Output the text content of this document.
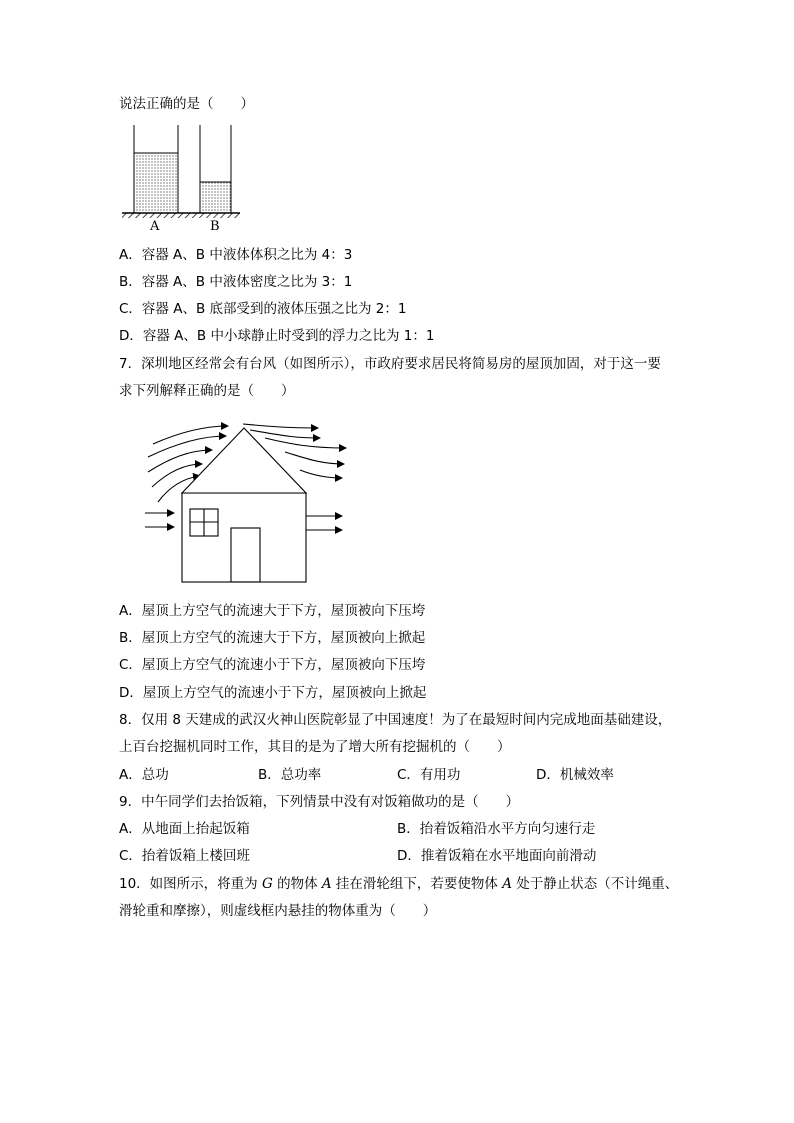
说法正确的是（　　）
A	B
A．容器 A、B 中液体体积之比为 4：3
B．容器 A、B 中液体密度之比为 3：1
C．容器 A、B 底部受到的液体压强之比为 2：1
D．容器 A、B 中小球静止时受到的浮力之比为 1：1
7．深圳地区经常会有台风（如图所示），市政府要求居民将简易房的屋顶加固，对于这一要
求下列解释正确的是（　　）
A．屋顶上方空气的流速大于下方，屋顶被向下压垮
B．屋顶上方空气的流速大于下方，屋顶被向上掀起
C．屋顶上方空气的流速小于下方，屋顶被向下压垮
D．屋顶上方空气的流速小于下方，屋顶被向上掀起
8．仅用 8 天建成的武汉火神山医院彰显了中国速度！为了在最短时间内完成地面基础建设，
上百台挖掘机同时工作，其目的是为了增大所有挖掘机的（　　）
A．总功	B．总功率	C．有用功	D．机械效率
9．中午同学们去抬饭箱，下列情景中没有对饭箱做功的是（　　）
A．从地面上抬起饭箱	B．抬着饭箱沿水平方向匀速行走
C．抬着饭箱上楼回班	D．推着饭箱在水平地面向前滑动
10．如图所示，将重为 G 的物体 A 挂在滑轮组下，若要使物体 A 处于静止状态（不计绳重、
滑轮重和摩擦），则虚线框内悬挂的物体重为（　　）
